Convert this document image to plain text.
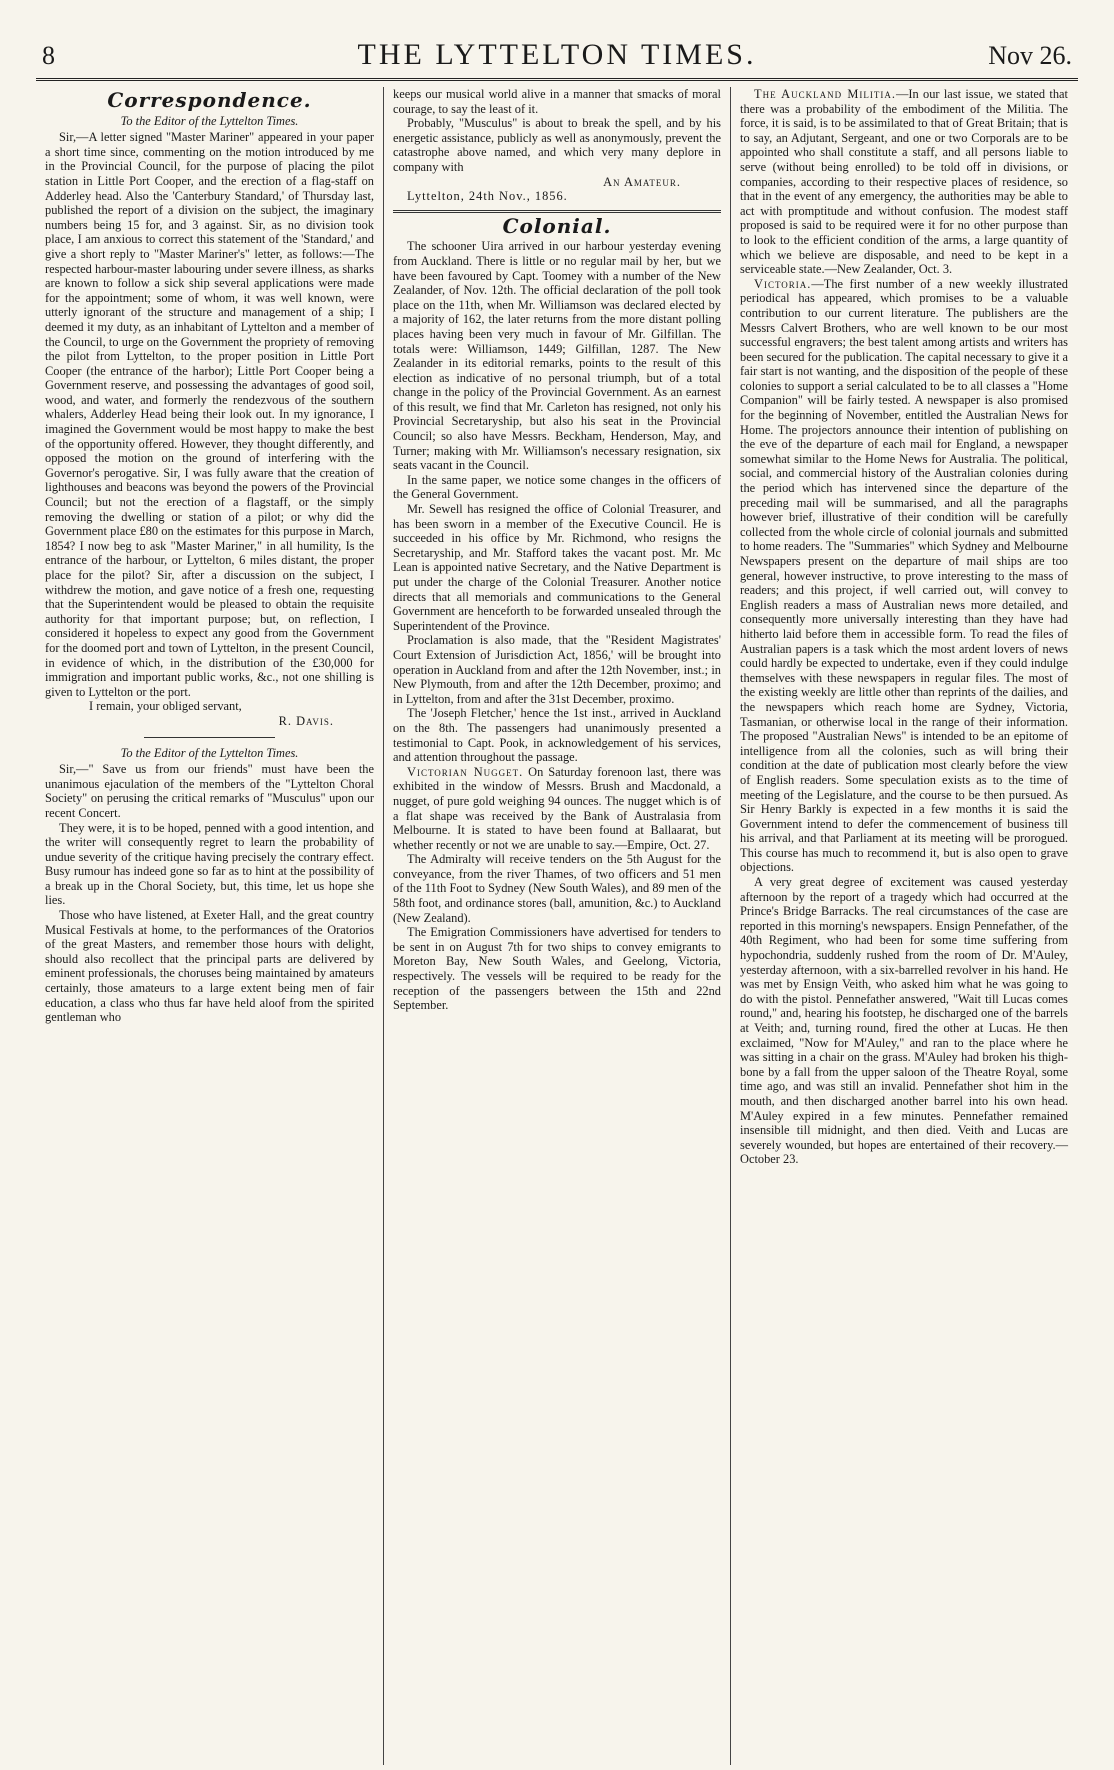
8	THE LYTTELTON TIMES.	Nov 26.
Correspondence.
To the Editor of the Lyttelton Times.

Sir,—A letter signed "Master Mariner" appeared in your paper a short time since, commenting on the motion introduced by me in the Provincial Council, for the purpose of placing the pilot station in Little Port Cooper, and the erection of a flag-staff on Adderley head. Also the 'Canterbury Standard,' of Thursday last, published the report of a division on the subject, the imaginary numbers being 15 for, and 3 against. Sir, as no division took place, I am anxious to correct this statement of the 'Standard,' and give a short reply to "Master Mariner's" letter, as follows:—The respected harbour-master labouring under severe illness, as sharks are known to follow a sick ship several applications were made for the appointment; some of whom, it was well known, were utterly ignorant of the structure and management of a ship; I deemed it my duty, as an inhabitant of Lyttelton and a member of the Council, to urge on the Government the propriety of removing the pilot from Lyttelton, to the proper position in Little Port Cooper (the entrance of the harbor); Little Port Cooper being a Government reserve, and possessing the advantages of good soil, wood, and water, and formerly the rendezvous of the southern whalers, Adderley Head being their look out. In my ignorance, I imagined the Government would be most happy to make the best of the opportunity offered. However, they thought differently, and opposed the motion on the ground of interfering with the Governor's perogative. Sir, I was fully aware that the creation of lighthouses and beacons was beyond the powers of the Provincial Council; but not the erection of a flagstaff, or the simply removing the dwelling or station of a pilot; or why did the Government place £80 on the estimates for this purpose in March, 1854? I now beg to ask "Master Mariner," in all humility, Is the entrance of the harbour, or Lyttelton, 6 miles distant, the proper place for the pilot? Sir, after a discussion on the subject, I withdrew the motion, and gave notice of a fresh one, requesting that the Superintendent would be pleased to obtain the requisite authority for that important purpose; but, on reflection, I considered it hopeless to expect any good from the Government for the doomed port and town of Lyttelton, in the present Council, in evidence of which, in the distribution of the £30,000 for immigration and important public works, &c., not one shilling is given to Lyttelton or the port.

I remain, your obliged servant,

R. Davis.
To the Editor of the Lyttelton Times.

Sir,—" Save us from our friends" must have been the unanimous ejaculation of the members of the "Lyttelton Choral Society" on perusing the critical remarks of "Musculus" upon our recent Concert.

They were, it is to be hoped, penned with a good intention, and the writer will consequently regret to learn the probability of undue severity of the critique having precisely the contrary effect. Busy rumour has indeed gone so far as to hint at the possibility of a break up in the Choral Society, but, this time, let us hope she lies.

Those who have listened, at Exeter Hall, and the great country Musical Festivals at home, to the performances of the Oratorios of the great Masters, and remember those hours with delight, should also recollect that the principal parts are delivered by eminent professionals, the choruses being maintained by amateurs certainly, those amateurs to a large extent being men of fair education, a class who thus far have held aloof from the spirited gentleman who

keeps our musical world alive in a manner that smacks of moral courage, to say the least of it.

Probably, "Musculus" is about to break the spell, and by his energetic assistance, publicly as well as anonymously, prevent the catastrophe above named, and which very many deplore in company with

An Amateur.

Lyttelton, 24th Nov., 1856.

Colonial.

The schooner Uira arrived in our harbour yesterday evening from Auckland. There is little or no regular mail by her, but we have been favoured by Capt. Toomey with a number of the New Zealander, of Nov. 12th. The official declaration of the poll took place on the 11th, when Mr. Williamson was declared elected by a majority of 162, the later returns from the more distant polling places having been very much in favour of Mr. Gilfillan. The totals were: Williamson, 1449; Gilfillan, 1287. The New Zealander in its editorial remarks, points to the result of this election as indicative of no personal triumph, but of a total change in the policy of the Provincial Government. As an earnest of this result, we find that Mr. Carleton has resigned, not only his Provincial Secretaryship, but also his seat in the Provincial Council; so also have Messrs. Beckham, Henderson, May, and Turner; making with Mr. Williamson's necessary resignation, six seats vacant in the Council.

In the same paper, we notice some changes in the officers of the General Government.

Mr. Sewell has resigned the office of Colonial Treasurer, and has been sworn in a member of the Executive Council. He is succeeded in his office by Mr. Richmond, who resigns the Secretaryship, and Mr. Stafford takes the vacant post. Mr. Mc Lean is appointed native Secretary, and the Native Department is put under the charge of the Colonial Treasurer. Another notice directs that all memorials and communications to the General Government are henceforth to be forwarded unsealed through the Superintendent of the Province.

Proclamation is also made, that the "Resident Magistrates' Court Extension of Jurisdiction Act, 1856,' will be brought into operation in Auckland from and after the 12th November, inst.; in New Plymouth, from and after the 12th December, proximo; and in Lyttelton, from and after the 31st December, proximo.

The 'Joseph Fletcher,' hence the 1st inst., arrived in Auckland on the 8th. The passengers had unanimously presented a testimonial to Capt. Pook, in acknowledgement of his services, and attention throughout the passage.

Victorian Nugget. On Saturday forenoon last, there was exhibited in the window of Messrs. Brush and Macdonald, a nugget, of pure gold weighing 94 ounces. The nugget which is of a flat shape was received by the Bank of Australasia from Melbourne. It is stated to have been found at Ballaarat, but whether recently or not we are unable to say.—Empire, Oct. 27.

The Admiralty will receive tenders on the 5th August for the conveyance, from the river Thames, of two officers and 51 men of the 11th Foot to Sydney (New South Wales), and 89 men of the 58th foot, and ordinance stores (ball, amunition, &c.) to Auckland (New Zealand).

The Emigration Commissioners have advertised for tenders to be sent in on August 7th for two ships to convey emigrants to Moreton Bay, New South Wales, and Geelong, Victoria, respectively. The vessels will be required to be ready for the reception of the passengers between the 15th and 22nd September.

The Auckland Militia.—In our last issue, we stated that there was a probability of the embodiment of the Militia. The force, it is said, is to be assimilated to that of Great Britain; that is to say, an Adjutant, Sergeant, and one or two Corporals are to be appointed who shall constitute a staff, and all persons liable to serve (without being enrolled) to be told off in divisions, or companies, according to their respective places of residence, so that in the event of any emergency, the authorities may be able to act with promptitude and without confusion. The modest staff proposed is said to be required were it for no other purpose than to look to the efficient condition of the arms, a large quantity of which we believe are disposable, and need to be kept in a serviceable state.—New Zealander, Oct. 3.

Victoria.—The first number of a new weekly illustrated periodical has appeared, which promises to be a valuable contribution to our current literature. The publishers are the Messrs Calvert Brothers, who are well known to be our most successful engravers; the best talent among artists and writers has been secured for the publication. The capital necessary to give it a fair start is not wanting, and the disposition of the people of these colonies to support a serial calculated to be to all classes a "Home Companion" will be fairly tested. A newspaper is also promised for the beginning of November, entitled the Australian News for Home. The projectors announce their intention of publishing on the eve of the departure of each mail for England, a newspaper somewhat similar to the Home News for Australia. The political, social, and commercial history of the Australian colonies during the period which has intervened since the departure of the preceding mail will be summarised, and all the paragraphs however brief, illustrative of their condition will be carefully collected from the whole circle of colonial journals and submitted to home readers. The "Summaries" which Sydney and Melbourne Newspapers present on the departure of mail ships are too general, however instructive, to prove interesting to the mass of readers; and this project, if well carried out, will convey to English readers a mass of Australian news more detailed, and consequently more universally interesting than they have had hitherto laid before them in accessible form. To read the files of Australian papers is a task which the most ardent lovers of news could hardly be expected to undertake, even if they could indulge themselves with these newspapers in regular files. The most of the existing weekly are little other than reprints of the dailies, and the newspapers which reach home are Sydney, Victoria, Tasmanian, or otherwise local in the range of their information. The proposed "Australian News" is intended to be an epitome of intelligence from all the colonies, such as will bring their condition at the date of publication most clearly before the view of English readers. Some speculation exists as to the time of meeting of the Legislature, and the course to be then pursued. As Sir Henry Barkly is expected in a few months it is said the Government intend to defer the commencement of business till his arrival, and that Parliament at its meeting will be prorogued. This course has much to recommend it, but is also open to grave objections.

A very great degree of excitement was caused yesterday afternoon by the report of a tragedy which had occurred at the Prince's Bridge Barracks. The real circumstances of the case are reported in this morning's newspapers. Ensign Pennefather, of the 40th Regiment, who had been for some time suffering from hypochondria, suddenly rushed from the room of Dr. M'Auley, yesterday afternoon, with a six-barrelled revolver in his hand. He was met by Ensign Veith, who asked him what he was going to do with the pistol. Pennefather answered, "Wait till Lucas comes round," and, hearing his footstep, he discharged one of the barrels at Veith; and, turning round, fired the other at Lucas. He then exclaimed, "Now for M'Auley," and ran to the place where he was sitting in a chair on the grass. M'Auley had broken his thigh-bone by a fall from the upper saloon of the Theatre Royal, some time ago, and was still an invalid. Pennefather shot him in the mouth, and then discharged another barrel into his own head. M'Auley expired in a few minutes. Pennefather remained insensible till midnight, and then died. Veith and Lucas are severely wounded, but hopes are entertained of their recovery.—October 23.
